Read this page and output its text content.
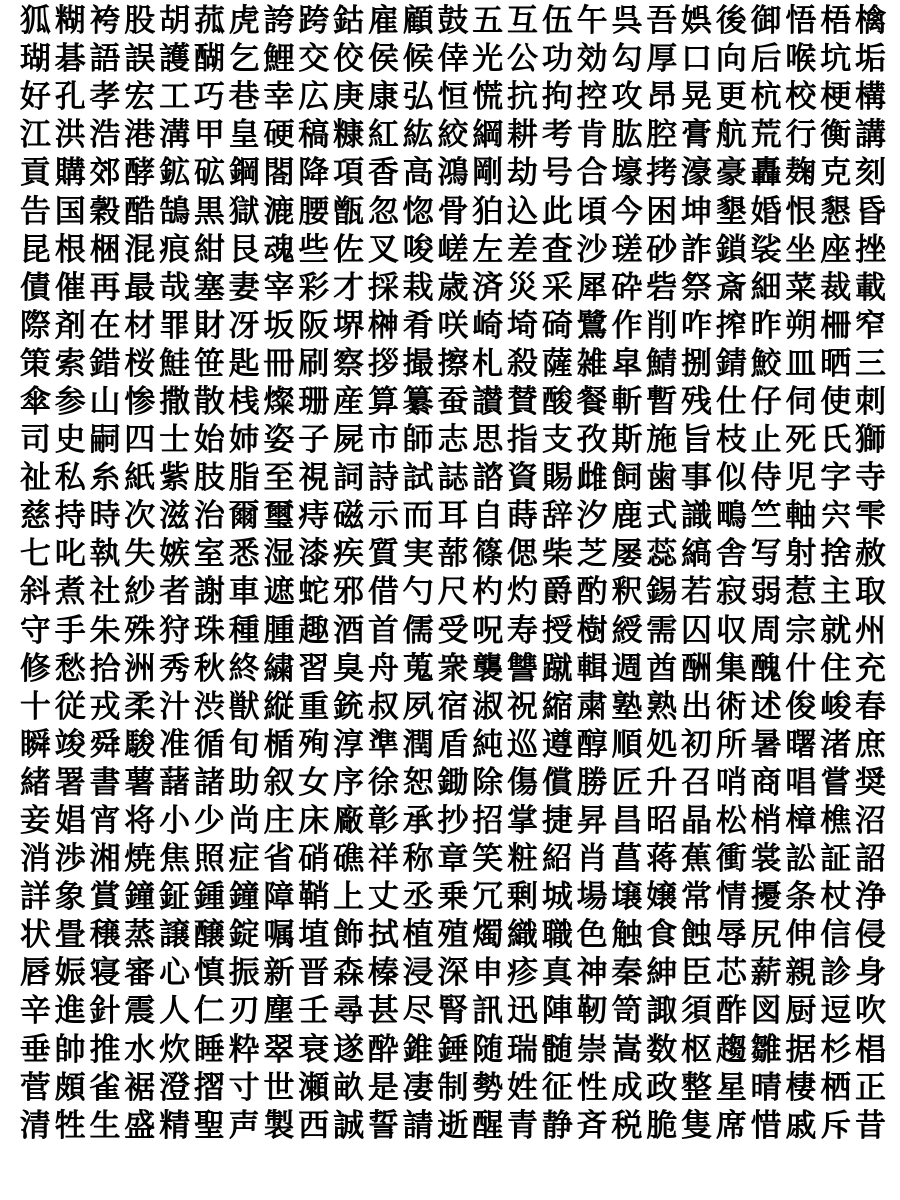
狐 糊 袴 股 胡 菰 虎 誇 跨 鈷 雇 顧 鼓 五 互 伍 午 呉 吾 娯 後 御 悟 梧 檎
瑚 碁 語 誤 護 醐 乞 鯉 交 佼 侯 候 倖 光 公 功 効 勾 厚 口 向 后 喉 坑 垢
好 孔 孝 宏 工 巧 巷 幸 広 庚 康 弘 恒 慌 抗 拘 控 攻 昂 晃 更 杭 校 梗 構
江 洪 浩 港 溝 甲 皇 硬 稿 糠 紅 紘 絞 綱 耕 考 肯 肱 腔 膏 航 荒 行 衡 講
貢 購 郊 酵 鉱 砿 鋼 閤 降 項 香 高 鴻 剛 劫 号 合 壕 拷 濠 豪 轟 麹 克 刻
告 国 穀 酷 鵠 黒 獄 漉 腰 甑 忽 惚 骨 狛 込 此 頃 今 困 坤 墾 婚 恨 懇 昏
昆 根 梱 混 痕 紺 艮 魂 些 佐 叉 唆 嵯 左 差 査 沙 瑳 砂 詐 鎖 裟 坐 座 挫
債 催 再 最 哉 塞 妻 宰 彩 才 採 栽 歳 済 災 采 犀 砕 砦 祭 斎 細 菜 裁 載
際 剤 在 材 罪 財 冴 坂 阪 堺 榊 肴 咲 崎 埼 碕 鷺 作 削 咋 搾 昨 朔 柵 窄
策 索 錯 桜 鮭 笹 匙 冊 刷 察 拶 撮 擦 札 殺 薩 雑 皐 鯖 捌 錆 鮫 皿 晒 三
傘 参 山 惨 撒 散 桟 燦 珊 産 算 纂 蚕 讃 賛 酸 餐 斬 暫 残 仕 仔 伺 使 刺
司 史 嗣 四 士 始 姉 姿 子 屍 市 師 志 思 指 支 孜 斯 施 旨 枝 止 死 氏 獅
祉 私 糸 紙 紫 肢 脂 至 視 詞 詩 試 誌 諮 資 賜 雌 飼 歯 事 似 侍 児 字 寺
慈 持 時 次 滋 治 爾 璽 痔 磁 示 而 耳 自 蒔 辞 汐 鹿 式 識 鴫 竺 軸 宍 雫
七 叱 執 失 嫉 室 悉 湿 漆 疾 質 実 蔀 篠 偲 柴 芝 屡 蕊 縞 舎 写 射 捨 赦
斜 煮 社 紗 者 謝 車 遮 蛇 邪 借 勺 尺 杓 灼 爵 酌 釈 錫 若 寂 弱 惹 主 取
守 手 朱 殊 狩 珠 種 腫 趣 酒 首 儒 受 呪 寿 授 樹 綬 需 囚 収 周 宗 就 州
修 愁 拾 洲 秀 秋 終 繍 習 臭 舟 蒐 衆 襲 讐 蹴 輯 週 酋 酬 集 醜 什 住 充
十 従 戎 柔 汁 渋 獣 縦 重 銃 叔 夙 宿 淑 祝 縮 粛 塾 熟 出 術 述 俊 峻 春
瞬 竣 舜 駿 准 循 旬 楯 殉 淳 準 潤 盾 純 巡 遵 醇 順 処 初 所 暑 曙 渚 庶
緒 署 書 薯 藷 諸 助 叙 女 序 徐 恕 鋤 除 傷 償 勝 匠 升 召 哨 商 唱 嘗 奨
妾 娼 宵 将 小 少 尚 庄 床 廠 彰 承 抄 招 掌 捷 昇 昌 昭 晶 松 梢 樟 樵 沼
消 渉 湘 焼 焦 照 症 省 硝 礁 祥 称 章 笑 粧 紹 肖 菖 蒋 蕉 衝 裳 訟 証 詔
詳 象 賞 鐘 鉦 鍾 鐘 障 鞘 上 丈 丞 乗 冗 剰 城 場 壌 嬢 常 情 擾 条 杖 浄
状 畳 穣 蒸 譲 醸 錠 嘱 埴 飾 拭 植 殖 燭 織 職 色 触 食 蝕 辱 尻 伸 信 侵
唇 娠 寝 審 心 慎 振 新 晋 森 榛 浸 深 申 疹 真 神 秦 紳 臣 芯 薪 親 診 身
辛 進 針 震 人 仁 刃 塵 壬 尋 甚 尽 腎 訊 迅 陣 靭 笥 諏 須 酢 図 厨 逗 吹
垂 帥 推 水 炊 睡 粋 翠 衰 遂 酔 錐 錘 随 瑞 髄 崇 嵩 数 枢 趨 雛 据 杉 椙
菅 頗 雀 裾 澄 摺 寸 世 瀬 畝 是 凄 制 勢 姓 征 性 成 政 整 星 晴 棲 栖 正
清 牲 生 盛 精 聖 声 製 西 誠 誓 請 逝 醒 青 静 斉 税 脆 隻 席 惜 戚 斥 昔
